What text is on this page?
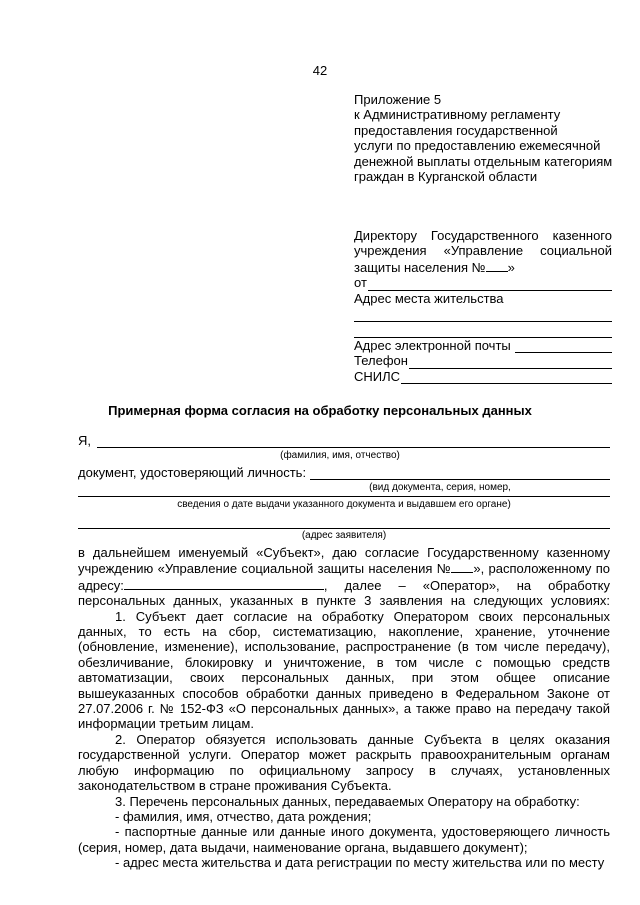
42
Приложение 5
к Административному регламенту
предоставления государственной
услуги по предоставлению ежемесячной
денежной выплаты отдельным категориям
граждан в Курганской области
Директору Государственного казенного
учреждения «Управление социальной
защиты населения № »
от
Адрес места жительства
Адрес электронной почты
Телефон
СНИЛС
Примерная форма согласия на обработку персональных данных
Я,
(фамилия, имя, отчество)
документ, удостоверяющий личность:
(вид документа, серия, номер,
сведения о дате выдачи указанного документа и выдавшем его органе)
(адрес заявителя)

в дальнейшем именуемый «Субъект», даю согласие Государственному казенному учреждению «Управление социальной защиты населения № », расположенному по адресу:	, далее – «Оператор», на обработку персональных данных, указанных в пункте 3 заявления на следующих условиях:

1. Субъект дает согласие на обработку Оператором своих персональных данных, то есть на сбор, систематизацию, накопление, хранение, уточнение (обновление, изменение), использование, распространение (в том числе передачу), обезличивание, блокировку и уничтожение, в том числе с помощью средств автоматизации, своих персональных данных, при этом общее описание вышеуказанных способов обработки данных приведено в Федеральном Законе от 27.07.2006 г. № 152-ФЗ «О персональных данных», а также право на передачу такой информации третьим лицам.

2. Оператор обязуется использовать данные Субъекта в целях оказания государственной услуги. Оператор может раскрыть правоохранительным органам любую информацию по официальному запросу в случаях, установленных законодательством в стране проживания Субъекта.

3. Перечень персональных данных, передаваемых Оператору на обработку:

- фамилия, имя, отчество, дата рождения;

- паспортные данные или данные иного документа, удостоверяющего личность (серия, номер, дата выдачи, наименование органа, выдавшего документ);

- адрес места жительства и дата регистрации по месту жительства или по месту
